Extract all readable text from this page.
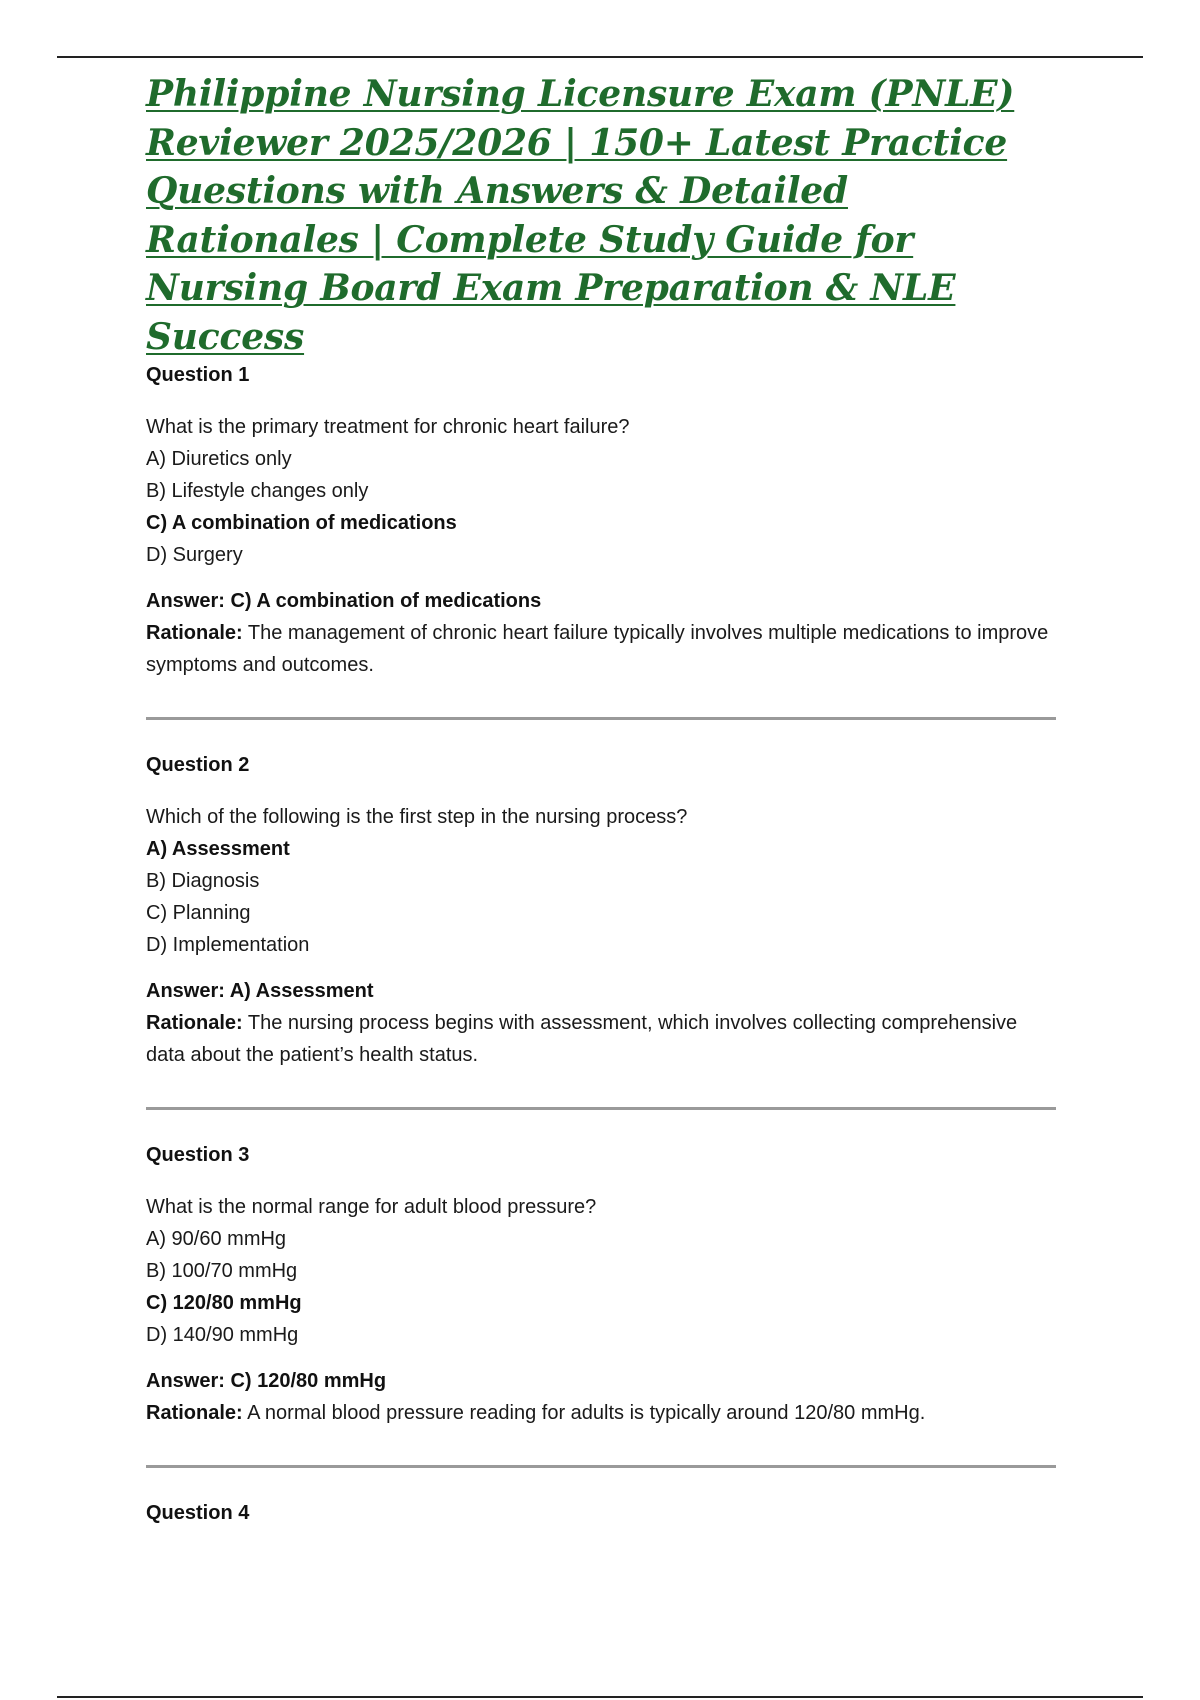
Philippine Nursing Licensure Exam (PNLE) Reviewer 2025/2026 | 150+ Latest Practice Questions with Answers & Detailed Rationales | Complete Study Guide for Nursing Board Exam Preparation & NLE Success
Question 1

What is the primary treatment for chronic heart failure?

A) Diuretics only
B) Lifestyle changes only
C) A combination of medications
D) Surgery

Answer: C) A combination of medications

Rationale: The management of chronic heart failure typically involves multiple medications to improve symptoms and outcomes.

Question 2

Which of the following is the first step in the nursing process?

A) Assessment
B) Diagnosis
C) Planning
D) Implementation

Answer: A) Assessment

Rationale: The nursing process begins with assessment, which involves collecting comprehensive data about the patient’s health status.

Question 3

What is the normal range for adult blood pressure?

A) 90/60 mmHg
B) 100/70 mmHg
C) 120/80 mmHg
D) 140/90 mmHg

Answer: C) 120/80 mmHg

Rationale: A normal blood pressure reading for adults is typically around 120/80 mmHg.

Question 4
